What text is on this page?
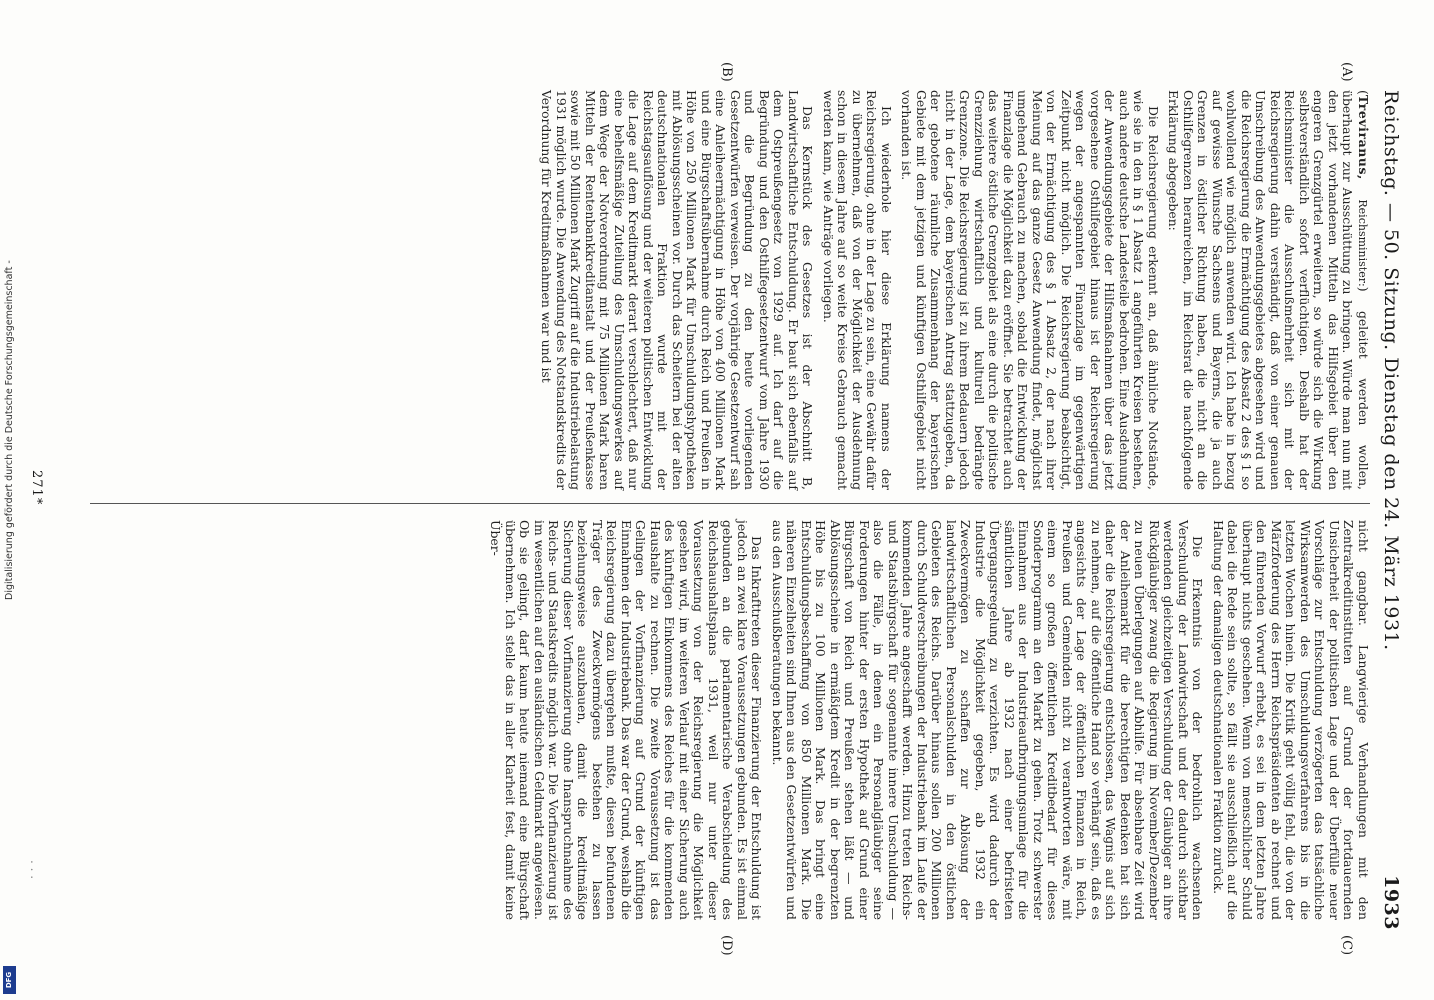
Reichstag. — 50. Sitzung. Dienstag den 24. März 1931.
1933

(Treviranus, Reichsminister:) geleitet werden wollen, überhaupt zur Ausschüttung zu bringen. Würde man nun mit den jetzt vorhandenen Mitteln das Hilfsgebiet über den engeren Grenzgürtel erweitern, so würde sich die Wirkung selbstverständlich sofort verflüchtigen. Deshalb hat der Reichsminister die Ausschußmehrheit sich mit der Reichsregierung dahin verständigt, daß von einer genauen Umschreibung des Anwendungsgebietes abgesehen wird und die Reichsregierung die Ermächtigung des Absatz 2 des § 1 so wohlwollend wie möglich anwenden wird. Ich habe in bezug auf gewisse Wünsche Sachsens und Bayerns, die ja auch Grenzen in östlicher Richtung haben, die nicht an die Osthilfegrenzen heranreichen, im Reichsrat die nachfolgende Erklärung abgegeben:

Die Reichsregierung erkennt an, daß ähnliche Notstände, wie sie in den in § 1 Absatz 1 angeführten Kreisen bestehen, auch andere deutsche Landesteile bedrohen. Eine Ausdehnung der Anwendungsgebiete der Hilfsmaßnahmen über das jetzt vorgesehene Osthilfegebiet hinaus ist der Reichsregierung wegen der angespannten Finanzlage im gegenwärtigen Zeitpunkt nicht möglich. Die Reichsregierung beabsichtigt, von der Ermächtigung des § 1 Absatz 2, der nach ihrer Meinung auf das ganze Gesetz Anwendung findet, möglichst umgehend Gebrauch zu machen, sobald die Entwicklung der Finanzlage die Möglichkeit dazu eröffnet. Sie betrachtet auch das weitere östliche Grenzgebiet als eine durch die politische Grenzziehung wirtschaftlich und kulturell bedrängte Grenzzone. Die Reichsregierung ist zu ihrem Bedauern jedoch nicht in der Lage, dem bayerischen Antrag stattzugeben, da der gebotene räumliche Zusammenhang der bayerischen Gebiete mit dem jetzigen und künftigen Osthilfegebiet nicht vorhanden ist.

Ich wiederhole hier diese Erklärung namens der Reichsregierung, ohne in der Lage zu sein, eine Gewähr dafür zu übernehmen, daß von der Möglichkeit der Ausdehnung schon in diesem Jahre auf so weite Kreise Gebrauch gemacht werden kann, wie Anträge vorliegen.

Das Kernstück des Gesetzes ist der Abschnitt B, Landwirtschaftliche Entschuldung. Er baut sich ebenfalls auf dem Ostpreußengesetz von 1929 auf. Ich darf auf die Begründung und den Osthilfegesetzentwurf vom Jahre 1930 und die Begründung zu den heute vorliegenden Gesetzentwürfen verweisen. Der vorjährige Gesetzentwurf sah eine Anleiheermächtigung in Höhe von 400 Millionen Mark und eine Bürgschaftsübernahme durch Reich und Preußen in Höhe von 250 Millionen Mark für Umschuldungshypotheken mit Ablösungsscheinen vor. Durch das Scheitern bei der alten deutschnationalen Fraktion wurde mit der Reichstagsauflösung und der weiteren politischen Entwicklung die Lage auf dem Kreditmarkt derart verschlechtert, daß nur eine behelfsmäßige Zuteilung des Umschuldungswerkes auf dem Wege der Notverordnung mit 75 Millionen Mark baren Mitteln der Rentenbankkreditanstalt und der Preußenkasse sowie mit 50 Millionen Mark Zugriff auf die Industriebelastung 1931 möglich wurde. Die Anwendung des Notstandskredits der Verordnung für Kreditmaßnahmen war und ist

nicht gangbar. Langwierige Verhandlungen mit den Zentralkreditinstituten auf Grund der fortdauernden Unsicherheit der politischen Lage und der Überfülle neuer Vorschläge zur Entschuldung verzögerten das tatsächliche Wirksamwerden des Umschuldungsverfahrens bis in die letzten Wochen hinein. Die Kritik geht völlig fehl, die von der Märzforderung des Herrn Reichspräsidenten ab rechnet und den führenden Vorwurf erhebt, es sei in dem letzten Jahre überhaupt nichts geschehen. Wenn von menschlicher Schuld dabei die Rede sein sollte, so fällt sie ausschließlich auf die Haltung der damaligen deutschnationalen Fraktion zurück.

Die Erkenntnis von der bedrohlich wachsenden Verschuldung der Landwirtschaft und der dadurch sichtbar werdenden gleichzeitigen Verschuldung der Gläubiger an ihre Rückgläubiger zwang die Regierung im November/Dezember zu neuen Überlegungen auf Abhilfe. Für absehbare Zeit wird der Anleihemarkt für die berechtigten Bedenken hat sich daher die Reichsregierung entschlossen, das Wagnis auf sich zu nehmen, auf die öffentliche Hand so verhängt sein, daß es angesichts der Lage der öffentlichen Finanzen in Reich, Preußen und Gemeinden nicht zu verantworten wäre, mit einem so großen öffentlichen Kreditbedarf für dieses Sonderprogramm an den Markt zu gehen. Trotz schwerster Einnahmen aus der Industrieaufbringungsumlage für die sämtlichen Jahre ab 1932 nach einer befristeten Übergangsregelung zu verzichten. Es wird dadurch der Industrie die Möglichkeit gegeben, ab 1932 ein Zweckvermögen zu schaffen zur Ablösung der landwirtschaftlichen Personalschulden in den östlichen Gebieten des Reichs. Darüber hinaus sollen 200 Millionen durch Schuldverschreibungen der Industriebank im Laufe der kommenden Jahre angeschafft werden. Hinzu treten Reichs- und Staatsbürgschaft für sogenannte innere Umschuldung — also die Fälle, in denen ein Personalgläubiger seine Forderungen hinter der ersten Hypothek auf Grund einer Bürgschaft von Reich und Preußen stehen läßt — und Ablösungsscheine in ermäßigtem Kredit in der begrenzten Höhe bis zu 100 Millionen Mark. Das bringt eine Entschuldungsbeschaffung von 850 Millionen Mark. Die näheren Einzelheiten sind Ihnen aus den Gesetzentwürfen und aus den Ausschußberatungen bekannt.

Das Inkrafttreten dieser Finanzierung der Entschuldung ist jedoch an zwei klare Voraussetzungen gebunden. Es ist einmal gebunden an die parlamentarische Verabschiedung des Reichshaushaltsplans 1931, weil nur unter dieser Voraussetzung von der Reichsregierung die Möglichkeit gesehen wird, im weiteren Verlauf mit einer Sicherung auch des künftigen Einkommens des Reiches für die kommenden Haushalte zu rechnen. Die zweite Voraussetzung ist das Gelingen der Vorfinanzierung auf Grund der künftigen Einnahmen der Industriebank. Das war der Grund, weshalb die Reichsregierung dazu übergehen mußte, diesen befundenen Träger des Zweckvermögens bestehen zu lassen beziehungsweise auszubauen, damit die kreditmäßige Sicherung dieser Vorfinanzierung ohne Inanspruchnahme des Reichs- und Staatskredits möglich war. Die Vorfinanzierung ist im wesentlichen auf den ausländischen Geldmarkt angewiesen. Ob sie gelingt, darf kaum heute niemand eine Bürgschaft übernehmen. Ich stelle das in aller Klarheit fest, damit keine Über-

(A)
(B)
(C)
(D)
271*
. . .
Digitalisierung gefördert durch die Deutsche Forschungsgemeinschaft -
DFG
